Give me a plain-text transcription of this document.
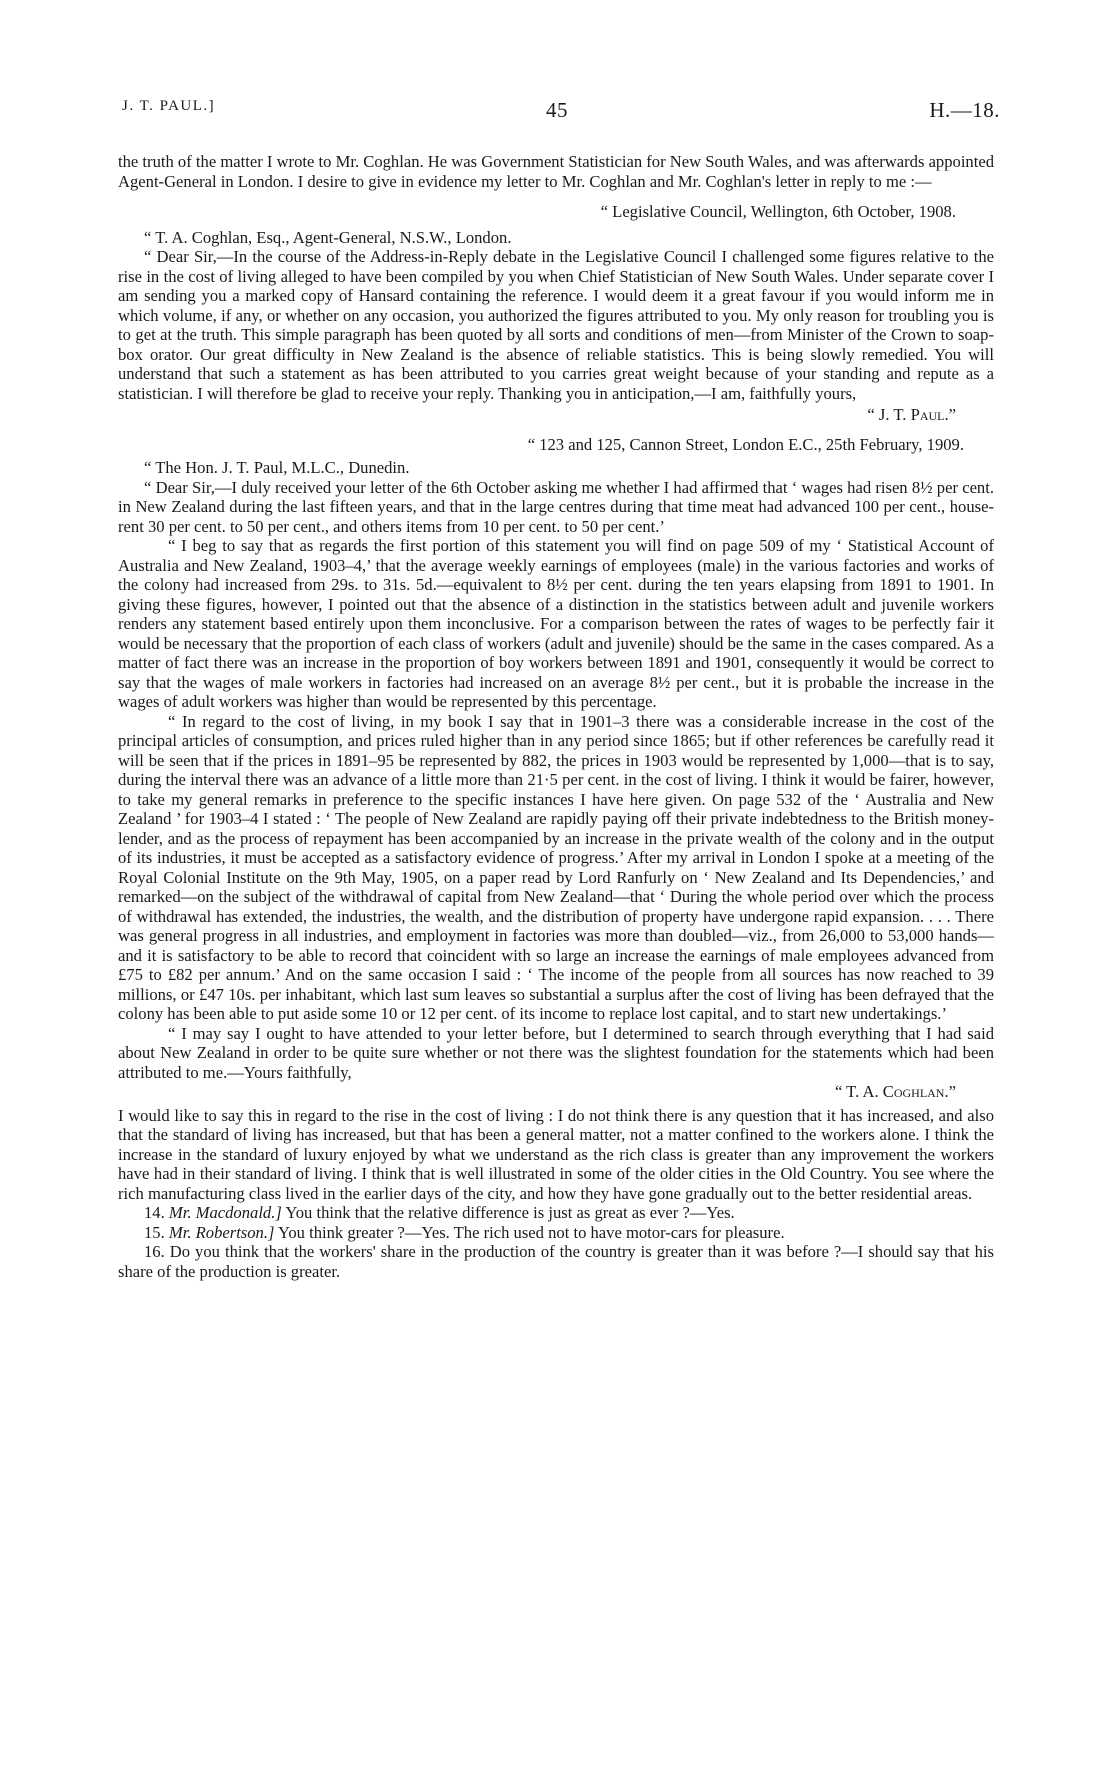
J. T. PAUL.]	45	H.—18.

the truth of the matter I wrote to Mr. Coghlan. He was Government Statistician for New South Wales, and was afterwards appointed Agent-General in London. I desire to give in evidence my letter to Mr. Coghlan and Mr. Coghlan's letter in reply to me :—

“ Legislative Council, Wellington, 6th October, 1908.

“ T. A. Coghlan, Esq., Agent-General, N.S.W., London.

“ Dear Sir,—In the course of the Address-in-Reply debate in the Legislative Council I challenged some figures relative to the rise in the cost of living alleged to have been compiled by you when Chief Statistician of New South Wales. Under separate cover I am sending you a marked copy of Hansard containing the reference. I would deem it a great favour if you would inform me in which volume, if any, or whether on any occasion, you authorized the figures attributed to you. My only reason for troubling you is to get at the truth. This simple paragraph has been quoted by all sorts and conditions of men—from Minister of the Crown to soap-box orator. Our great difficulty in New Zealand is the absence of reliable statistics. This is being slowly remedied. You will understand that such a statement as has been attributed to you carries great weight because of your standing and repute as a statistician. I will therefore be glad to receive your reply. Thanking you in anticipation,—I am, faithfully yours,

“ J. T. Paul.”

“ 123 and 125, Cannon Street, London E.C., 25th February, 1909.

“ The Hon. J. T. Paul, M.L.C., Dunedin.

“ Dear Sir,—I duly received your letter of the 6th October asking me whether I had affirmed that ‘ wages had risen 8½ per cent. in New Zealand during the last fifteen years, and that in the large centres during that time meat had advanced 100 per cent., house-rent 30 per cent. to 50 per cent., and others items from 10 per cent. to 50 per cent.’

“ I beg to say that as regards the first portion of this statement you will find on page 509 of my ‘ Statistical Account of Australia and New Zealand, 1903–4,’ that the average weekly earnings of employees (male) in the various factories and works of the colony had increased from 29s. to 31s. 5d.—equivalent to 8½ per cent. during the ten years elapsing from 1891 to 1901. In giving these figures, however, I pointed out that the absence of a distinction in the statistics between adult and juvenile workers renders any statement based entirely upon them inconclusive. For a comparison between the rates of wages to be perfectly fair it would be necessary that the proportion of each class of workers (adult and juvenile) should be the same in the cases compared. As a matter of fact there was an increase in the proportion of boy workers between 1891 and 1901, consequently it would be correct to say that the wages of male workers in factories had increased on an average 8½ per cent., but it is probable the increase in the wages of adult workers was higher than would be represented by this percentage.

“ In regard to the cost of living, in my book I say that in 1901–3 there was a considerable increase in the cost of the principal articles of consumption, and prices ruled higher than in any period since 1865; but if other references be carefully read it will be seen that if the prices in 1891–95 be represented by 882, the prices in 1903 would be represented by 1,000—that is to say, during the interval there was an advance of a little more than 21·5 per cent. in the cost of living. I think it would be fairer, however, to take my general remarks in preference to the specific instances I have here given. On page 532 of the ‘ Australia and New Zealand ’ for 1903–4 I stated : ‘ The people of New Zealand are rapidly paying off their private indebtedness to the British money-lender, and as the process of repayment has been accompanied by an increase in the private wealth of the colony and in the output of its industries, it must be accepted as a satisfactory evidence of progress.’ After my arrival in London I spoke at a meeting of the Royal Colonial Institute on the 9th May, 1905, on a paper read by Lord Ranfurly on ‘ New Zealand and Its Dependencies,’ and remarked—on the subject of the withdrawal of capital from New Zealand—that ‘ During the whole period over which the process of withdrawal has extended, the industries, the wealth, and the distribution of property have undergone rapid expansion. . . . There was general progress in all industries, and employment in factories was more than doubled—viz., from 26,000 to 53,000 hands—and it is satisfactory to be able to record that coincident with so large an increase the earnings of male employees advanced from £75 to £82 per annum.’ And on the same occasion I said : ‘ The income of the people from all sources has now reached to 39 millions, or £47 10s. per inhabitant, which last sum leaves so substantial a surplus after the cost of living has been defrayed that the colony has been able to put aside some 10 or 12 per cent. of its income to replace lost capital, and to start new undertakings.’

“ I may say I ought to have attended to your letter before, but I determined to search through everything that I had said about New Zealand in order to be quite sure whether or not there was the slightest foundation for the statements which had been attributed to me.—Yours faithfully,

“ T. A. Coghlan.”

I would like to say this in regard to the rise in the cost of living : I do not think there is any question that it has increased, and also that the standard of living has increased, but that has been a general matter, not a matter confined to the workers alone. I think the increase in the standard of luxury enjoyed by what we understand as the rich class is greater than any improvement the workers have had in their standard of living. I think that is well illustrated in some of the older cities in the Old Country. You see where the rich manufacturing class lived in the earlier days of the city, and how they have gone gradually out to the better residential areas.

14. Mr. Macdonald.] You think that the relative difference is just as great as ever ?—Yes.

15. Mr. Robertson.] You think greater ?—Yes. The rich used not to have motor-cars for pleasure.

16. Do you think that the workers' share in the production of the country is greater than it was before ?—I should say that his share of the production is greater.
